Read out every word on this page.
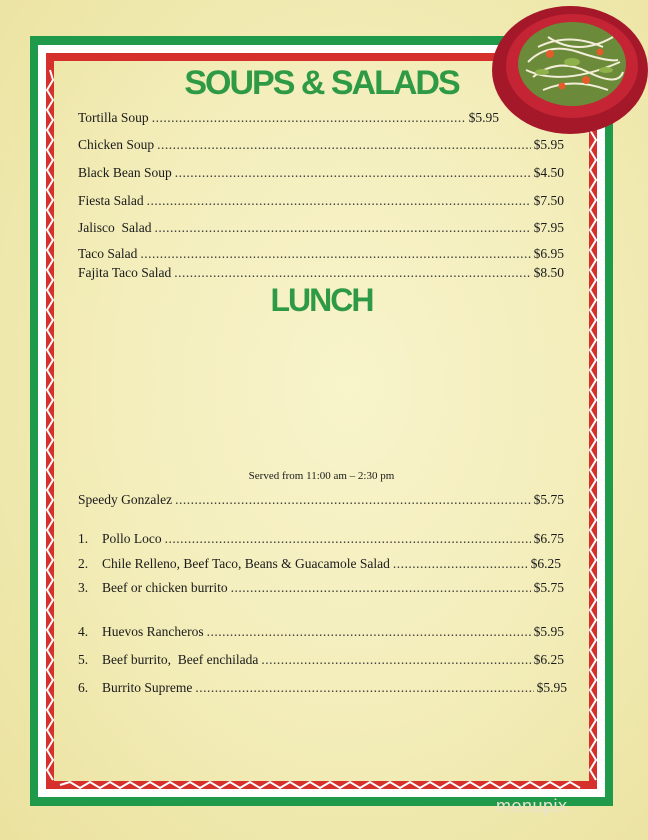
SOUPS & SALADS
Tortilla Soup .....	$5.95
Chicken Soup .....	$5.95
Black Bean Soup .....	$4.50
Fiesta Salad .....	$7.50
Jalisco  Salad .....	$7.95
Taco Salad .....	$6.95
Fajita Taco Salad .....	$8.50
LUNCH
Served from 11:00 am – 2:30 pm
Speedy Gonzalez .....	$5.75
1.	Pollo Loco .....	$6.75
2.	Chile Relleno, Beef Taco, Beans & Guacamole Salad .....	$6.25
3.	Beef or chicken burrito .....	$5.75
4.	Huevos Rancheros .....	$5.95
5.	Beef burrito,  Beef enchilada .....	$6.25
6.	Burrito Supreme .....	$5.95
menupix
